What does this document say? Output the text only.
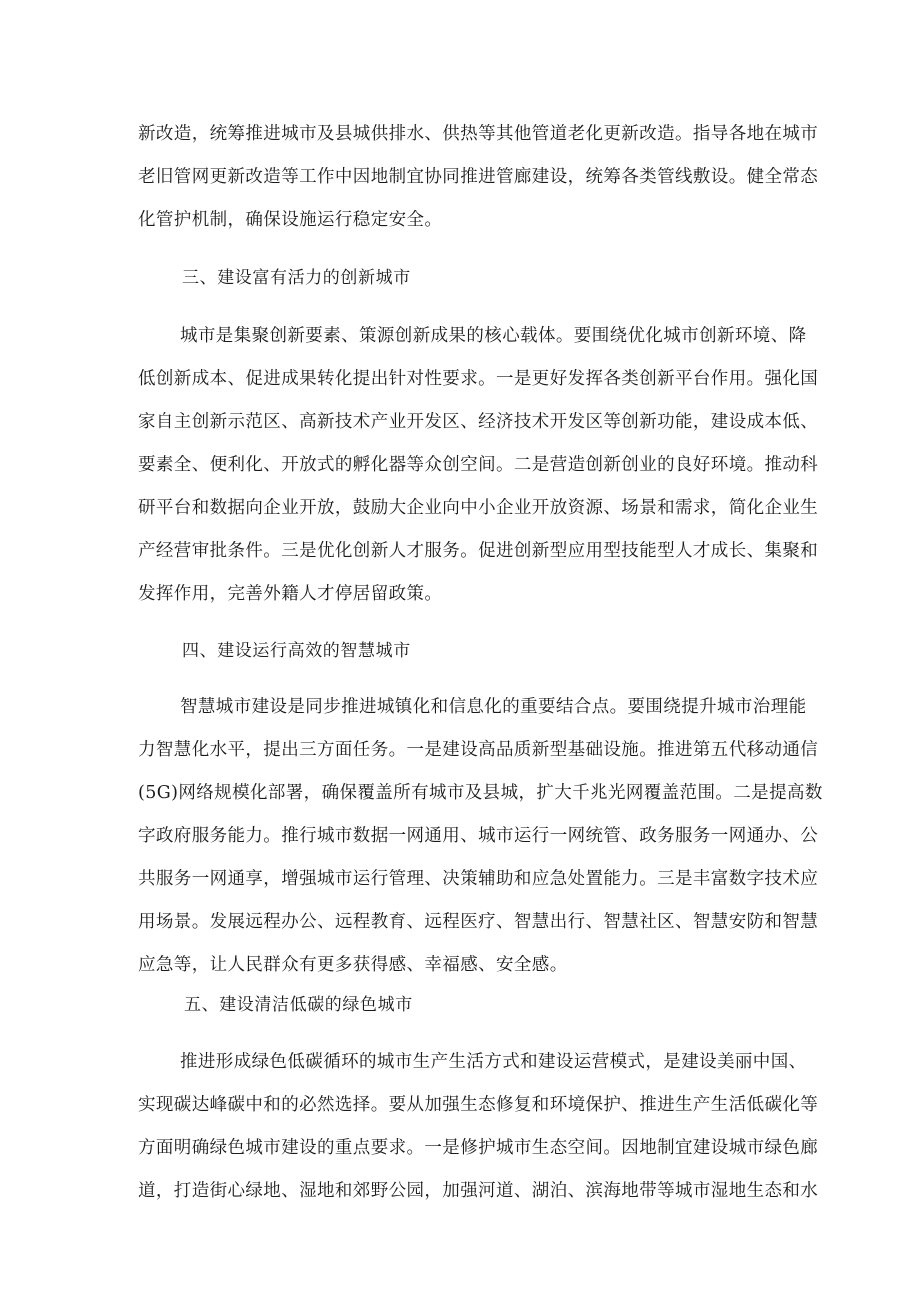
新改造，统筹推进城市及县城供排水、供热等其他管道老化更新改造。指导各地在城市
老旧管网更新改造等工作中因地制宜协同推进管廊建设，统筹各类管线敷设。健全常态
化管护机制，确保设施运行稳定安全。
三、建设富有活力的创新城市
城市是集聚创新要素、策源创新成果的核心载体。要围绕优化城市创新环境、降
低创新成本、促进成果转化提出针对性要求。一是更好发挥各类创新平台作用。强化国
家自主创新示范区、高新技术产业开发区、经济技术开发区等创新功能，建设成本低、
要素全、便利化、开放式的孵化器等众创空间。二是营造创新创业的良好环境。推动科
研平台和数据向企业开放，鼓励大企业向中小企业开放资源、场景和需求，简化企业生
产经营审批条件。三是优化创新人才服务。促进创新型应用型技能型人才成长、集聚和
发挥作用，完善外籍人才停居留政策。
四、建设运行高效的智慧城市
智慧城市建设是同步推进城镇化和信息化的重要结合点。要围绕提升城市治理能
力智慧化水平，提出三方面任务。一是建设高品质新型基础设施。推进第五代移动通信
(5G)网络规模化部署，确保覆盖所有城市及县城，扩大千兆光网覆盖范围。二是提高数
字政府服务能力。推行城市数据一网通用、城市运行一网统管、政务服务一网通办、公
共服务一网通享，增强城市运行管理、决策辅助和应急处置能力。三是丰富数字技术应
用场景。发展远程办公、远程教育、远程医疗、智慧出行、智慧社区、智慧安防和智慧
应急等，让人民群众有更多获得感、幸福感、安全感。
五、建设清洁低碳的绿色城市
推进形成绿色低碳循环的城市生产生活方式和建设运营模式，是建设美丽中国、
实现碳达峰碳中和的必然选择。要从加强生态修复和环境保护、推进生产生活低碳化等
方面明确绿色城市建设的重点要求。一是修护城市生态空间。因地制宜建设城市绿色廊
道，打造街心绿地、湿地和郊野公园，加强河道、湖泊、滨海地带等城市湿地生态和水
